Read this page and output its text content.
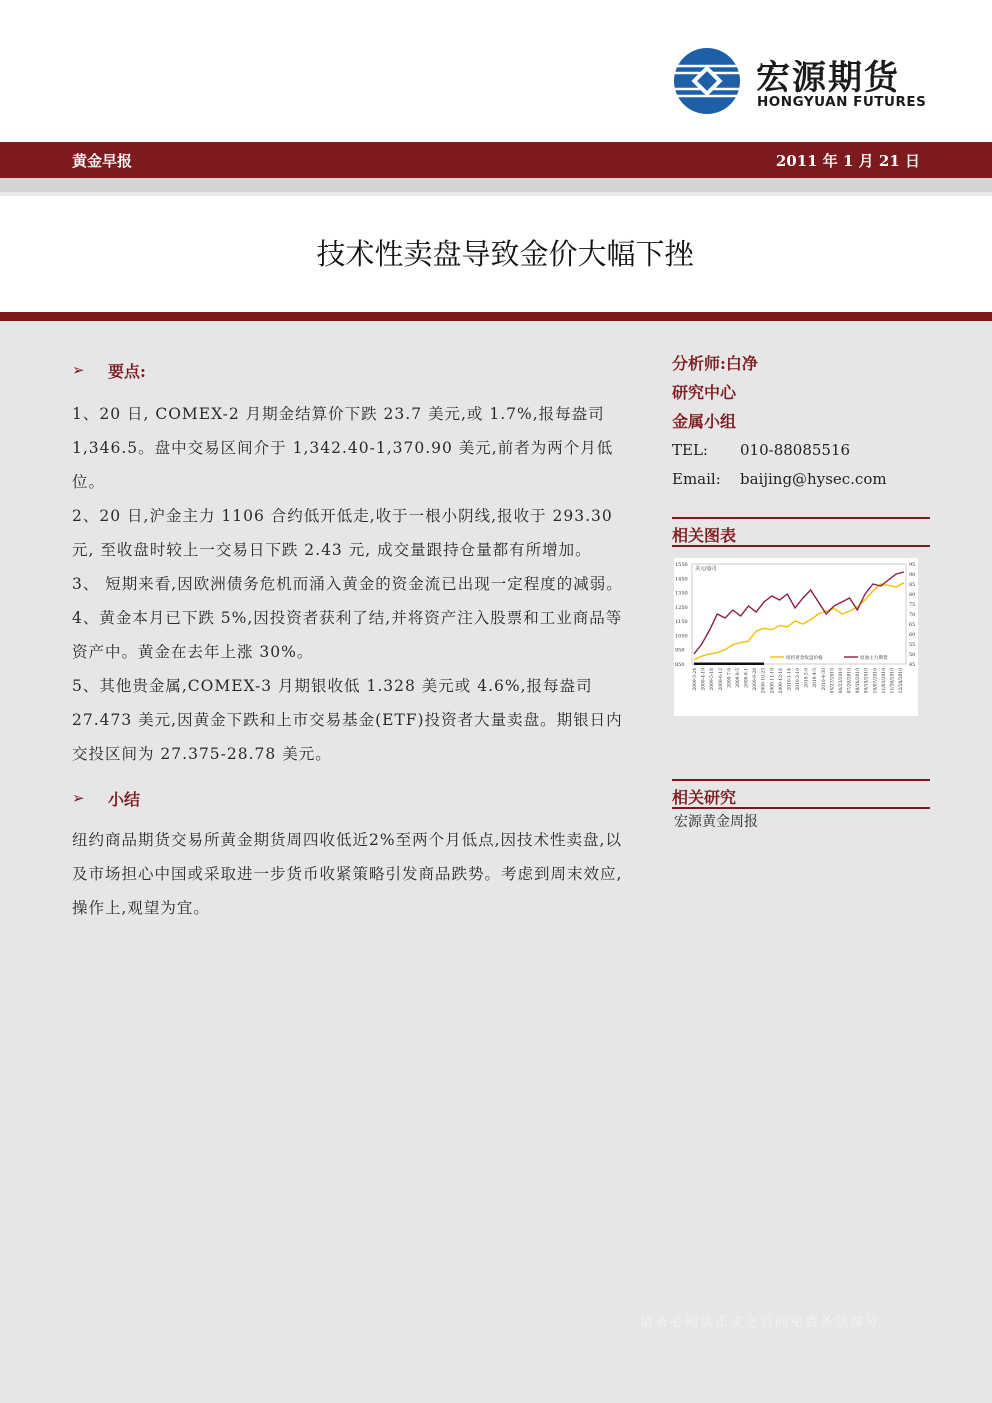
宏源期货
HONGYUAN FUTURES
黄金早报	2011 年 1 月 21 日
技术性卖盘导致金价大幅下挫
➢ 要点:

1、20 日, COMEX-2 月期金结算价下跌 23.7 美元,或 1.7%,报每盎司 1,346.5。盘中交易区间介于 1,342.40-1,370.90 美元,前者为两个月低位。

2、20 日,沪金主力 1106 合约低开低走,收于一根小阴线,报收于 293.30 元, 至收盘时较上一交易日下跌 2.43 元, 成交量跟持仓量都有所增加。

3、 短期来看,因欧洲债务危机而涌入黄金的资金流已出现一定程度的减弱。

4、黄金本月已下跌 5%,因投资者获利了结,并将资产注入股票和工业商品等资产中。黄金在去年上涨 30%。

5、其他贵金属,COMEX-3 月期银收低 1.328 美元或 4.6%,报每盎司 27.473 美元,因黄金下跌和上市交易基金(ETF)投资者大量卖盘。期银日内交投区间为 27.375-28.78 美元。

➢ 小结

纽约商品期货交易所黄金期货周四收低近2%至两个月低点,因技术性卖盘,以及市场担心中国或采取进一步货币收紧策略引发商品跌势。考虑到周末效应,操作上,观望为宜。

分析师:白净
研究中心
金属小组
TEL: 010-88085516
Email: baijing@hysec.com
相关图表
1550
1450
1350
1250
1150
1050
950
850
95
90
85
80
75
70
65
60
55
50
45
美元/盎司
2009-3-24 2009-4-19 2009-5-18 2009-6-12 2009-7-9 2009-8-5 2009-9-1 2009-9-28 2009-10-23 2009-11-19 2009-12-16 2010-1-14 2010-2-10 2010-3-9 2010-4-5 2010-4-30 05/27/2010 06/23/2010 07/20/2010 08/16/2010 09/10/2010 10/07/2010 11/03/2010 11/30/2010 12/28/2010
纽约黄金收盘价格	原油主力期货
相关研究
宏源黄金周报
请务必阅读正文之后的免责条款部分
